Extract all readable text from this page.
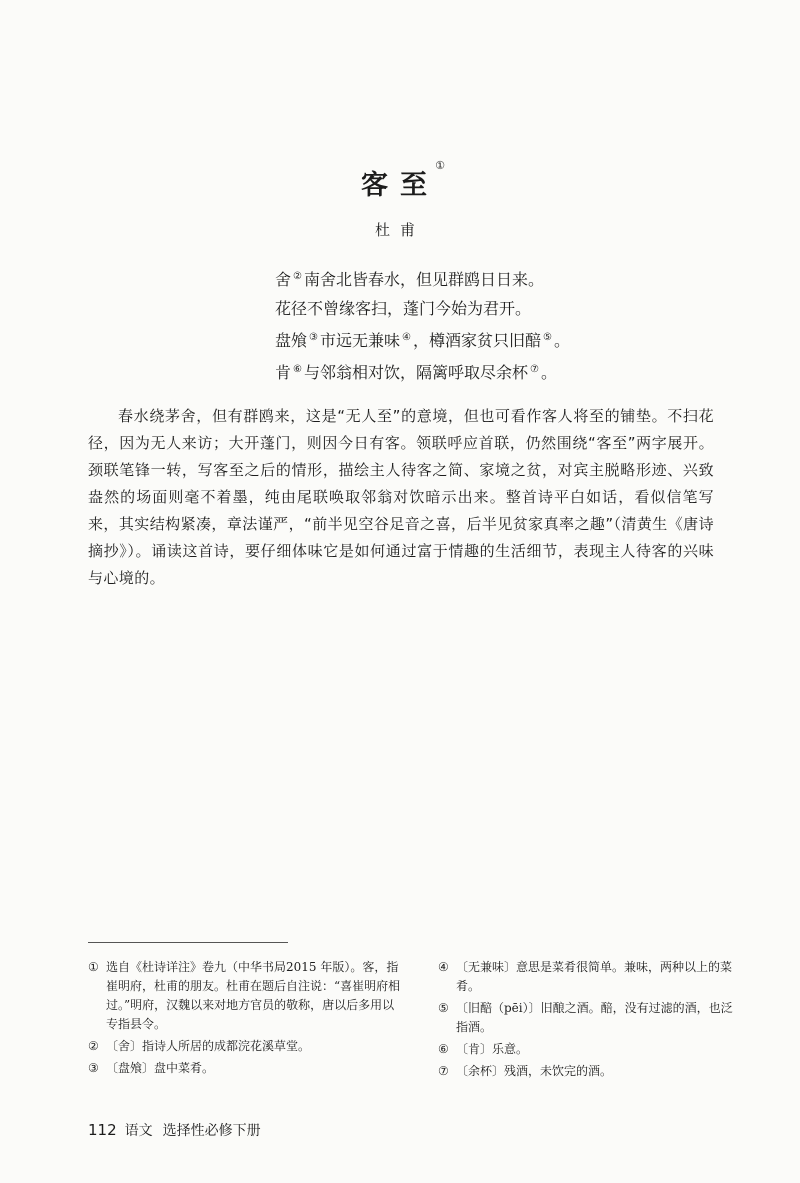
客至
①
杜甫
舍 ② 南舍北皆春水，但见群鸥日日来。
花径不曾缘客扫，蓬门今始为君开。
盘飧 ③ 市远无兼味 ④ ，樽酒家贫只旧醅 ⑤ 。
肯 ⑥ 与邻翁相对饮，隔篱呼取尽余杯 ⑦ 。
春水绕茅舍，但有群鸥来，这是“无人至”的意境，但也可看作客人将至的铺垫。不扫花径，因为无人来访；大开蓬门，则因今日有客。领联呼应首联，仍然围绕“客至”两字展开。颈联笔锋一转，写客至之后的情形，描绘主人待客之简、家境之贫，对宾主脱略形迹、兴致盎然的场面则毫不着墨，纯由尾联唤取邻翁对饮暗示出来。整首诗平白如话，看似信笔写来，其实结构紧凑，章法谨严，“前半见空谷足音之喜，后半见贫家真率之趣”（清黄生《唐诗摘抄》）。诵读这首诗，要仔细体味它是如何通过富于情趣的生活细节，表现主人待客的兴味与心境的。
① 选自《杜诗详注》卷九（中华书局2015 年版）。客，指崔明府，杜甫的朋友。杜甫在题后自注说：“喜崔明府相过。”明府，汉魏以来对地方官员的敬称，唐以后多用以专指县令。
② 〔舍〕指诗人所居的成都浣花溪草堂。
③ 〔盘飧〕盘中菜肴。
④ 〔无兼味〕意思是菜肴很简单。兼味，两种以上的菜肴。
⑤ 〔旧醅（pēi）〕旧酿之酒。醅，没有过滤的酒，也泛指酒。
⑥ 〔肯〕乐意。
⑦ 〔余杯〕残酒，未饮完的酒。
112 语文 选择性必修下册
